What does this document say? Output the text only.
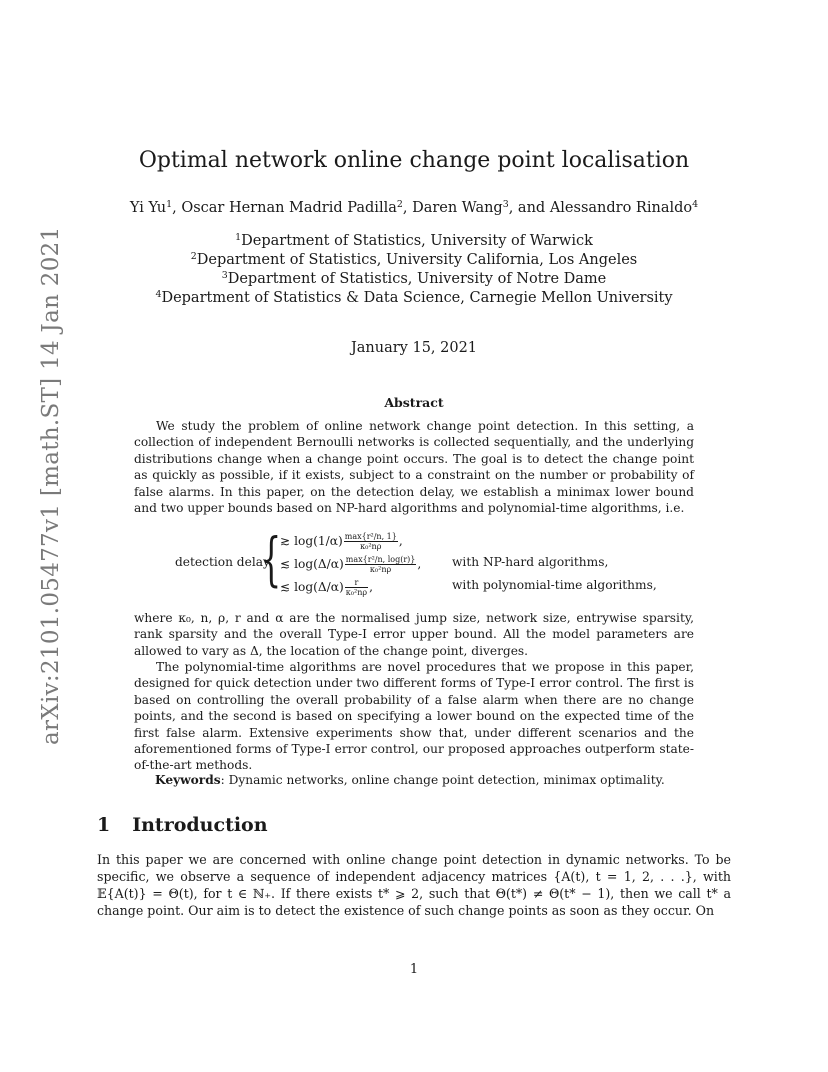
arXiv:2101.05477v1 [math.ST] 14 Jan 2021
Optimal network online change point localisation
Yi Yu$^1$, Oscar Hernan Madrid Padilla$^2$, Daren Wang$^3$, and Alessandro Rinaldo$^4$
$^1$Department of Statistics, University of Warwick
$^2$Department of Statistics, University California, Los Angeles
$^3$Department of Statistics, University of Notre Dame
$^4$Department of Statistics & Data Science, Carnegie Mellon University
January 15, 2021
Abstract

We study the problem of online network change point detection. In this setting, a collection of independent Bernoulli networks is collected sequentially, and the underlying distributions change when a change point occurs. The goal is to detect the change point as quickly as possible, if it exists, subject to a constraint on the number or probability of false alarms. In this paper, on the detection delay, we establish a minimax lower bound and two upper bounds based on NP-hard algorithms and polynomial-time algorithms, i.e.

detection delay
{
≳ $\log(1/\alpha) \frac{\text{max\{r²/n, 1\}}}{\text{κ₀²nρ}}$ ,
≲ $\log(\Delta/\alpha) \frac{\text{max\{r²/n, log(r)\}}}{\text{κ₀²nρ}}$ ,	with NP-hard algorithms,
≲ $\log(\Delta/\alpha) \frac{r}{\text{κ₀²nρ}}$ ,	with polynomial-time algorithms,

where κ₀, n, ρ, r and α are the normalised jump size, network size, entrywise sparsity, rank sparsity and the overall Type-I error upper bound. All the model parameters are allowed to vary as Δ, the location of the change point, diverges.

The polynomial-time algorithms are novel procedures that we propose in this paper, designed for quick detection under two different forms of Type-I error control. The first is based on controlling the overall probability of a false alarm when there are no change points, and the second is based on specifying a lower bound on the expected time of the first false alarm. Extensive experiments show that, under different scenarios and the aforementioned forms of Type-I error control, our proposed approaches outperform state-of-the-art methods.

Keywords: Dynamic networks, online change point detection, minimax optimality.
1 Introduction

In this paper we are concerned with online change point detection in dynamic networks. To be specific, we observe a sequence of independent adjacency matrices {A(t), t = 1, 2, . . .}, with 𝔼{A(t)} = Θ(t), for t ∈ ℕ₊. If there exists t* ⩾ 2, such that Θ(t*) ≠ Θ(t* − 1), then we call t* a change point. Our aim is to detect the existence of such change points as soon as they occur. On

1
